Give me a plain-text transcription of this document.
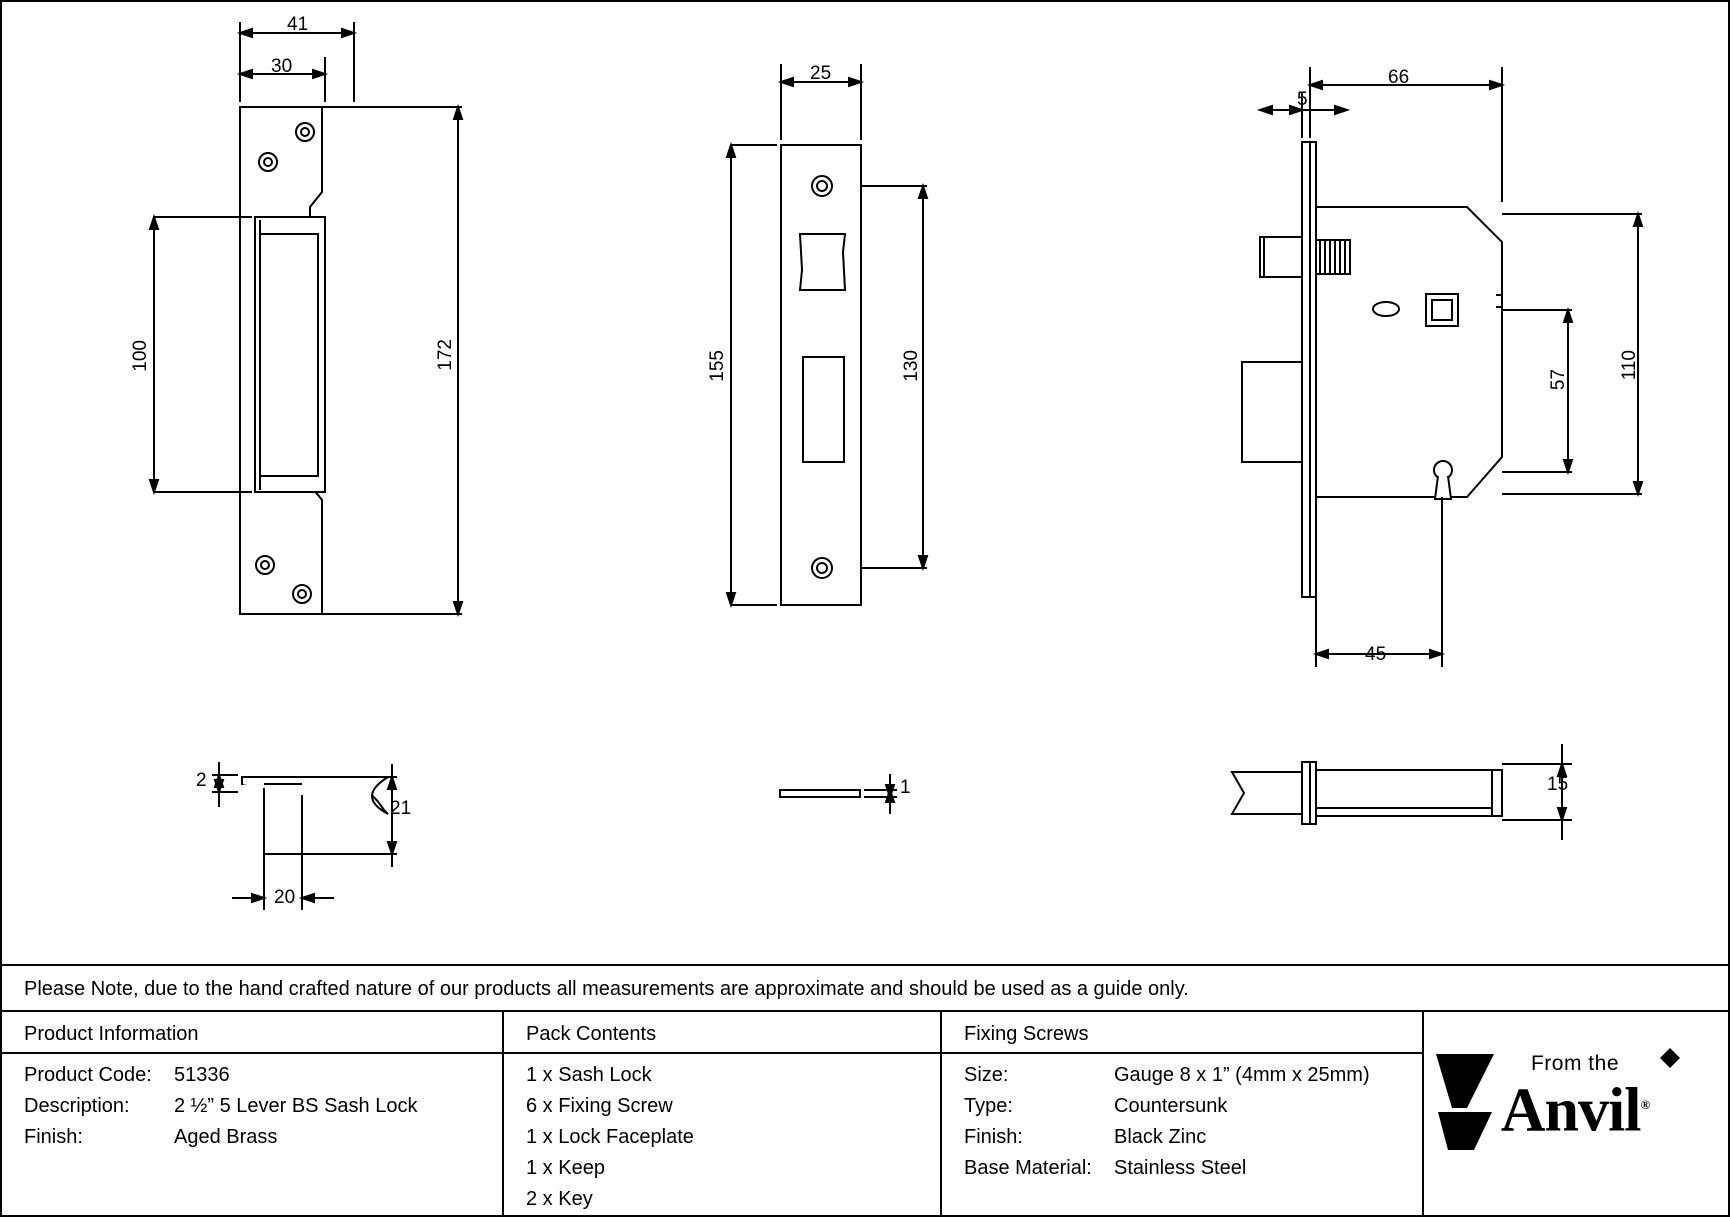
41
30
100	172
25
155	130
66
5
110
57
45
2
21
20
1	15
Please Note, due to the hand crafted nature of our products all measurements are approximate and should be used as a guide only.
Product Information
Product Code:	51336
Description:	2 ½” 5 Lever BS Sash Lock
Finish:	Aged Brass
Pack Contents
1 x Sash Lock
6 x Fixing Screw
1 x Lock Faceplate
1 x Keep
2 x Key
Fixing Screws
Size:	Gauge 8 x 1” (4mm x 25mm)
Type:	Countersunk
Finish:	Black Zinc
Base Material:	Stainless Steel
From the
Anvil®
